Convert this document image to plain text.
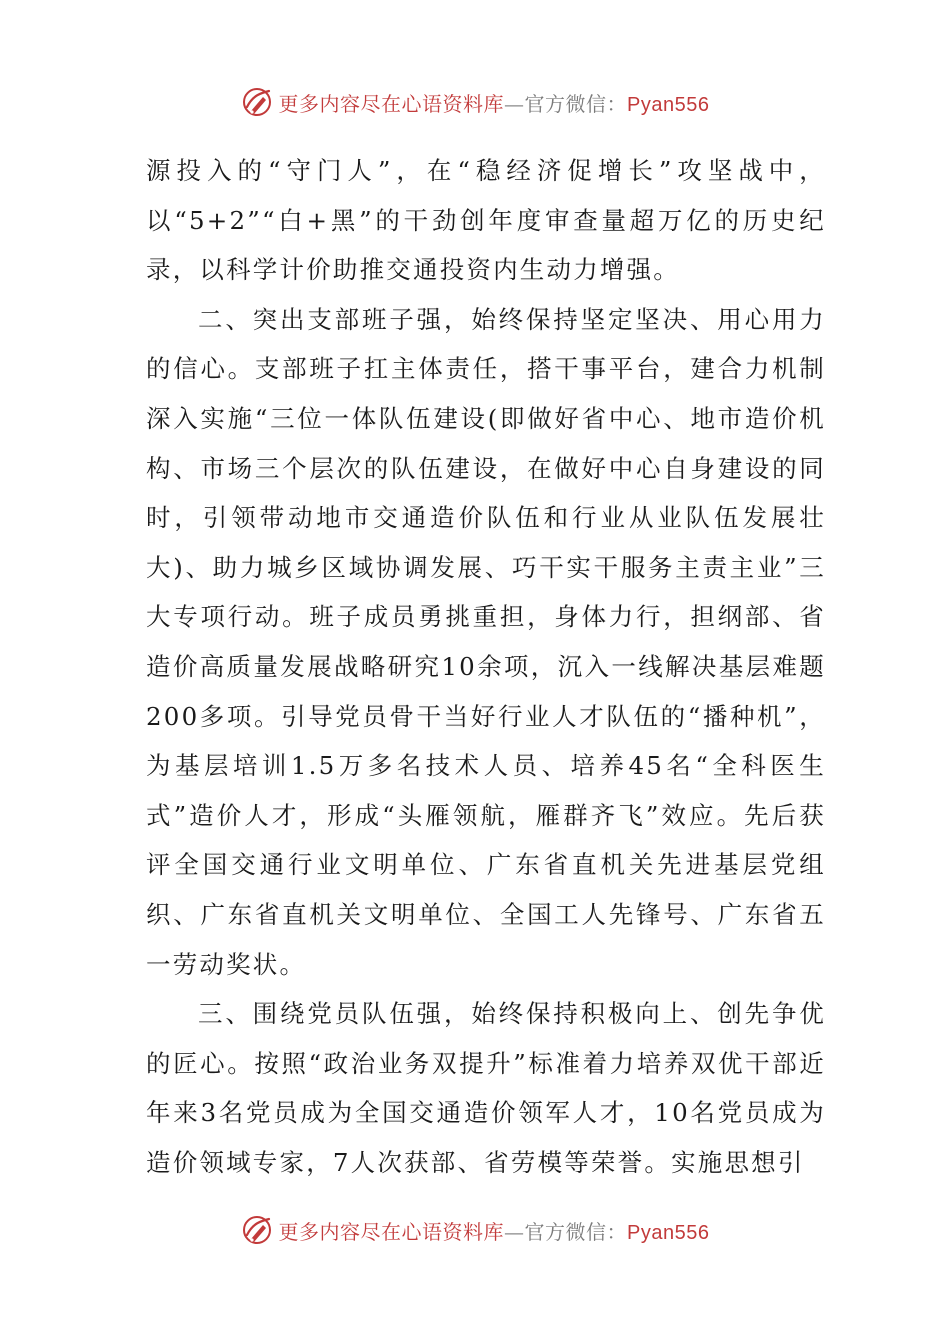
更多内容尽在心语资料库—官方微信：Pyan556

源投入的“守门人”，在“稳经济促增长”攻坚战中，以“5+2”“白+黑”的干劲创年度审查量超万亿的历史纪录，以科学计价助推交通投资内生动力增强。

二、突出支部班子强，始终保持坚定坚决、用心用力的信心。支部班子扛主体责任，搭干事平台，建合力机制深入实施“三位一体队伍建设(即做好省中心、地市造价机构、市场三个层次的队伍建设，在做好中心自身建设的同时，引领带动地市交通造价队伍和行业从业队伍发展壮大)、助力城乡区域协调发展、巧干实干服务主责主业”三大专项行动。班子成员勇挑重担，身体力行，担纲部、省造价高质量发展战略研究10余项，沉入一线解决基层难题200多项。引导党员骨干当好行业人才队伍的“播种机”，为基层培训1.5万多名技术人员、培养45名“全科医生式”造价人才，形成“头雁领航，雁群齐飞”效应。先后获评全国交通行业文明单位、广东省直机关先进基层党组织、广东省直机关文明单位、全国工人先锋号、广东省五一劳动奖状。

三、围绕党员队伍强，始终保持积极向上、创先争优的匠心。按照“政治业务双提升”标准着力培养双优干部近年来3名党员成为全国交通造价领军人才，10名党员成为造价领域专家，7人次获部、省劳模等荣誉。实施思想引

更多内容尽在心语资料库—官方微信：Pyan556
